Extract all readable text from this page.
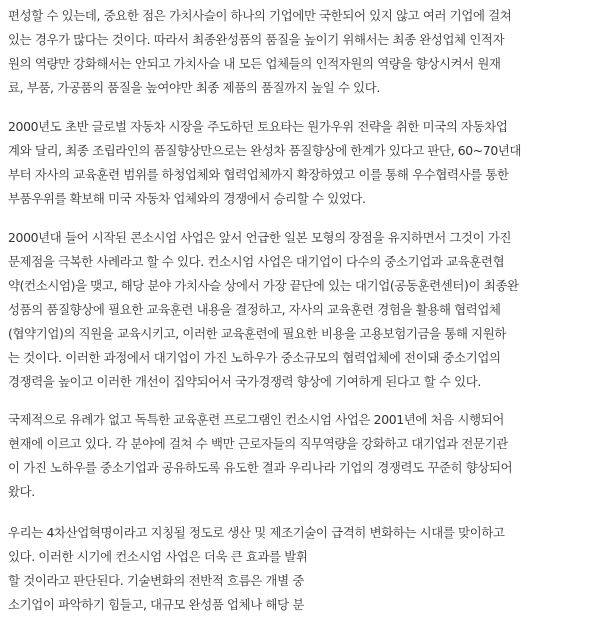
편성할 수 있는데, 중요한 점은 가치사슬이 하나의 기업에만 국한되어 있지 않고 여러 기업에 걸쳐
있는 경우가 많다는 것이다. 따라서 최종완성품의 품질을 높이기 위해서는 최종 완성업체 인적자
원의 역량만 강화해서는 안되고 가치사슬 내 모든 업체들의 인적자원의 역량을 향상시켜서 원재
료, 부품, 가공품의 품질을 높여야만 최종 제품의 품질까지 높일 수 있다.
2000년도 초반 글로벌 자동차 시장을 주도하던 토요타는 원가우위 전략을 취한 미국의 자동차업
계와 달리, 최종 조립라인의 품질향상만으로는 완성차 품질향상에 한계가 있다고 판단, 60~70년대
부터 자사의 교육훈련 범위를 하청업체와 협력업체까지 확장하였고 이를 통해 우수협력사를 통한
부품우위를 확보해 미국 자동차 업체와의 경쟁에서 승리할 수 있었다.
2000년대 들어 시작된 콘소시엄 사업은 앞서 언급한 일본 모형의 장점을 유지하면서 그것이 가진
문제점을 극복한 사례라고 할 수 있다. 컨소시엄 사업은 대기업이 다수의 중소기업과 교육훈련협
약(컨소시엄)을 맺고, 해당 분야 가치사슬 상에서 가장 끝단에 있는 대기업(공동훈련센터)이 최종완
성품의 품질향상에 필요한 교육훈련 내용을 결정하고, 자사의 교육훈련 경험을 활용해 협력업체
(협약기업)의 직원을 교육시키고, 이러한 교육훈련에 필요한 비용을 고용보험기금을 통해 지원하
는 것이다. 이러한 과정에서 대기업이 가진 노하우가 중소규모의 협력업체에 전이돼 중소기업의
경쟁력을 높이고 이러한 개선이 집약되어서 국가경쟁력 향상에 기여하게 된다고 할 수 있다.
국제적으로 유례가 없고 독특한 교육훈련 프로그램인 컨소시엄 사업은 2001년에 처음 시행되어
현재에 이르고 있다. 각 분야에 걸쳐 수 백만 근로자들의 직무역량을 강화하고 대기업과 전문기관
이 가진 노하우를 중소기업과 공유하도록 유도한 결과 우리나라 기업의 경쟁력도 꾸준히 향상되어
왔다.
우리는 4차산업혁명이라고 지칭될 정도로 생산 및 제조기술이 급격히 변화하는 시대를 맞이하고
있다. 이러한 시기에 컨소시엄 사업은 더욱 큰 효과를 발휘
할 것이라고 판단된다. 기술변화의 전반적 흐름은 개별 중
소기업이 파악하기 힘들고, 대규모 완성품 업체나 해당 분
